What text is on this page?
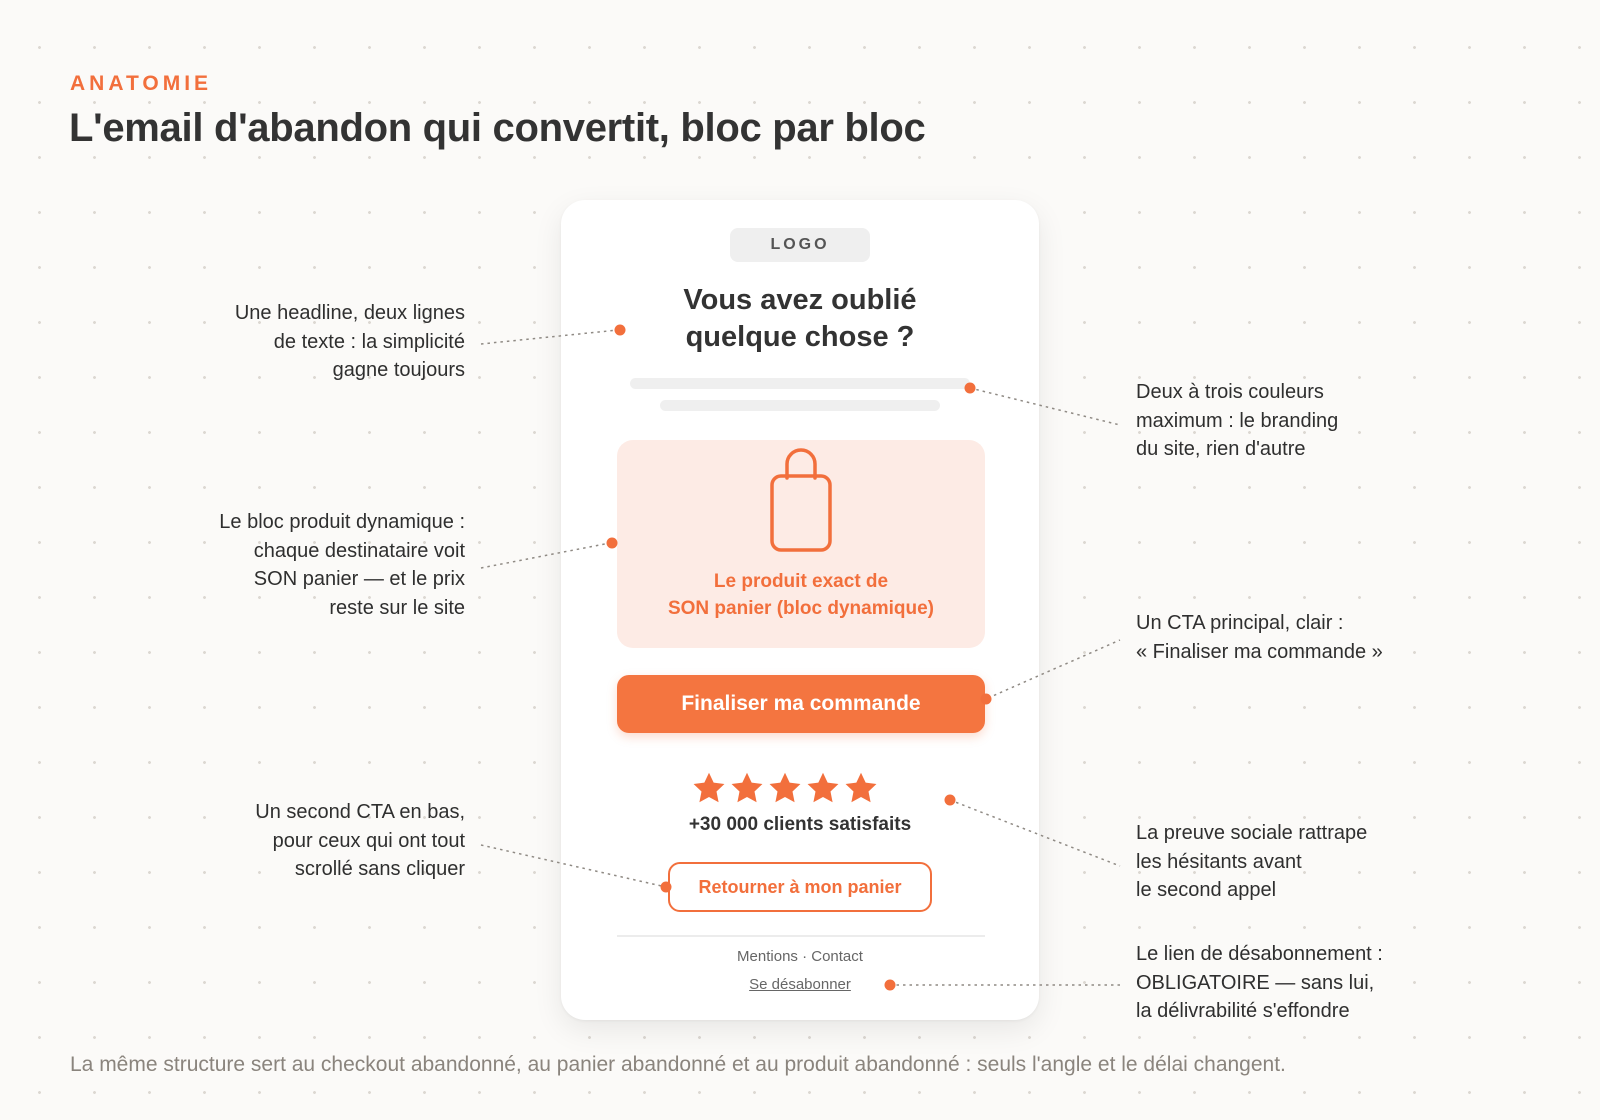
ANATOMIE
L'email d'abandon qui convertit, bloc par bloc
LOGO
Vous avez oublié
quelque chose ?
Le produit exact de
SON panier (bloc dynamique)
Finaliser ma commande
+30 000 clients satisfaits
Retourner à mon panier
Mentions · Contact
Se désabonner
Une headline, deux lignes
de texte : la simplicité
gagne toujours
Le bloc produit dynamique :
chaque destinataire voit
SON panier — et le prix
reste sur le site
Un second CTA en bas,
pour ceux qui ont tout
scrollé sans cliquer
Deux à trois couleurs
maximum : le branding
du site, rien d'autre
Un CTA principal, clair :
« Finaliser ma commande »
La preuve sociale rattrape
les hésitants avant
le second appel
Le lien de désabonnement :
OBLIGATOIRE — sans lui,
la délivrabilité s'effondre
La même structure sert au checkout abandonné, au panier abandonné et au produit abandonné : seuls l'angle et le délai changent.
